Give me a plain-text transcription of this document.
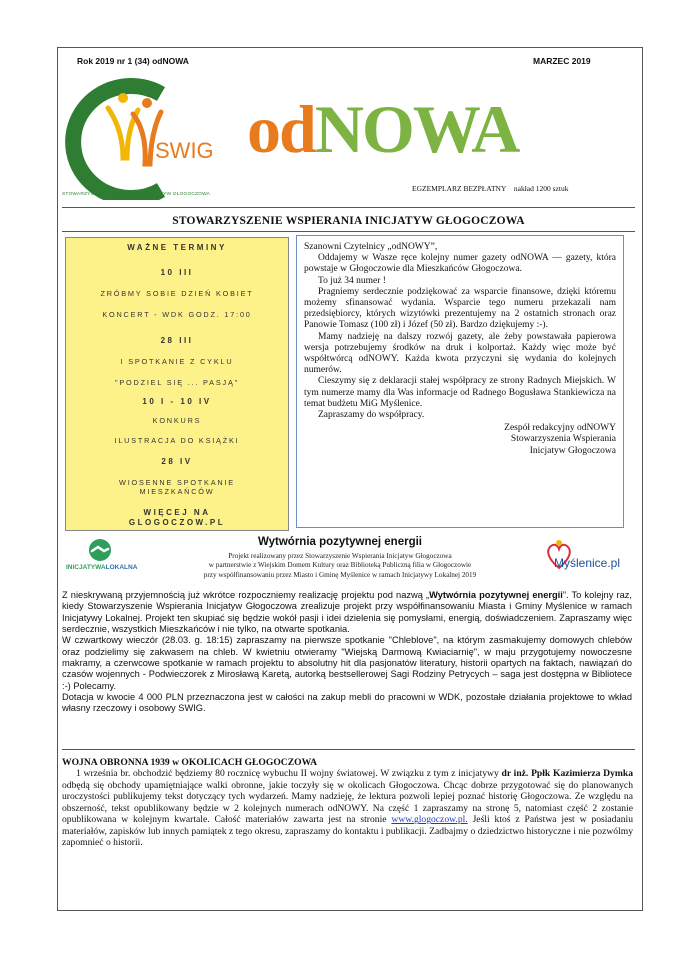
Rok 2019 nr 1 (34) odNOWA	MARZEC 2019
SWIG
STOWARZYSZENIE WSPIERANIA INICJATYW GŁOGOCZOWA
odNOWA
EGZEMPLARZ BEZPŁATNY nakład 1200 sztuk
STOWARZYSZENIE WSPIERANIA INICJATYW GŁOGOCZOWA
WAŻNE TERMINY
10 III
ZRÓBMY SOBIE DZIEŃ KOBIET
KONCERT - WDK GODZ. 17:00
28 III
I SPOTKANIE Z CYKLU
"PODZIEL SIĘ ... PASJĄ"
10 I - 10 IV
KONKURS
ILUSTRACJA DO KSIĄŻKI
28 IV
WIOSENNE SPOTKANIE
MIESZKAŃCÓW
WIĘCEJ NA
GLOGOCZOW.PL

Szanowni Czytelnicy „odNOWY”,

Oddajemy w Wasze ręce kolejny numer gazety odNOWA — gazety, która powstaje w Głogoczowie dla Mieszkańców Głogoczowa.

To już 34 numer !

Pragniemy serdecznie podziękować za wsparcie finansowe, dzięki któremu możemy sfinansować wydania. Wsparcie tego numeru przekazali nam przedsiębiorcy, których wizytówki prezentujemy na 2 ostatnich stronach oraz Panowie Tomasz (100 zł) i Józef (50 zł). Bardzo dziękujemy :-).

Mamy nadzieję na dalszy rozwój gazety, ale żeby powstawała papierowa wersja potrzebujemy środków na druk i kolportaż. Każdy więc może być współtwórcą odNOWY. Każda kwota przyczyni się wydania do kolejnych numerów.

Cieszymy się z deklaracji stałej współpracy ze strony Radnych Miejskich. W tym numerze mamy dla Was informacje od Radnego Bogusława Stankiewicza na temat budżetu MiG Myślenice.

Zapraszamy do współpracy.

Zespół redakcyjny odNOWY

Stowarzyszenia Wspierania

Inicjatyw Głogoczowa

INICJATYWALOKALNA	Myślenice.pl
Wytwórnia pozytywnej energii
Projekt realizowany przez Stowarzyszenie Wspierania Inicjatyw Głogoczowa
w partnerstwie z Wiejskim Domem Kultury oraz Biblioteką Publiczną filia w Głogoczowie
przy współfinansowaniu przez Miasto i Gminę Myślenice w ramach Inicjatywy Lokalnej 2019

Z nieskrywaną przyjemnością już wkrótce rozpoczniemy realizację projektu pod nazwą „Wytwórnia pozytywnej energii”. To kolejny raz, kiedy Stowarzyszenie Wspierania Inicjatyw Głogoczowa zrealizuje projekt przy współfinansowaniu Miasta i Gminy Myślenice w ramach Inicjatywy Lokalnej. Projekt ten skupiać się będzie wokół pasji i idei dzielenia się pomysłami, energią, doświadczeniem. Zapraszamy więc serdecznie, wszystkich Mieszkańców i nie tylko, na otwarte spotkania.

W czwartkowy wieczór (28.03. g. 18:15) zapraszamy na pierwsze spotkanie "Chleblove", na którym zasmakujemy domowych chlebów oraz podzielimy się zakwasem na chleb. W kwietniu otwieramy "Wiejską Darmową Kwiaciarnię", w maju przygotujemy nowoczesne makramy, a czerwcowe spotkanie w ramach projektu to absolutny hit dla pasjonatów literatury, historii opartych na faktach, nawiązań do czasów wojennych - Podwieczorek z Mirosławą Karetą, autorką bestsellerowej Sagi Rodziny Petrycych – saga jest dostępna w Bibliotece :-) Polecamy.

Dotacja w kwocie 4 000 PLN przeznaczona jest w całości na zakup mebli do pracowni w WDK, pozostałe działania projektowe to wkład własny rzeczowy i osobowy SWIG.

WOJNA OBRONNA 1939 w OKOLICACH GŁOGOCZOWA

1 września br. obchodzić będziemy 80 rocznicę wybuchu II wojny światowej. W związku z tym z inicjatywy dr inż. Ppłk Kazimierza Dymka odbędą się obchody upamiętniające walki obronne, jakie toczyły się w okolicach Głogoczowa. Chcąc dobrze przygotować się do planowanych uroczystości publikujemy tekst dotyczący tych wydarzeń. Mamy nadzieję, że lektura pozwoli lepiej poznać historię Głogoczowa. Ze względu na obszerność, tekst opublikowany będzie w 2 kolejnych numerach odNOWY. Na część 1 zapraszamy na stronę 5, natomiast część 2 zostanie opublikowana w kolejnym kwartale. Całość materiałów zawarta jest na stronie www.glogoczow.pl. Jeśli ktoś z Państwa jest w posiadaniu materiałów, zapisków lub innych pamiątek z tego okresu, zapraszamy do kontaktu i publikacji. Zadbajmy o dziedzictwo historyczne i nie pozwólmy zapomnieć o historii.
